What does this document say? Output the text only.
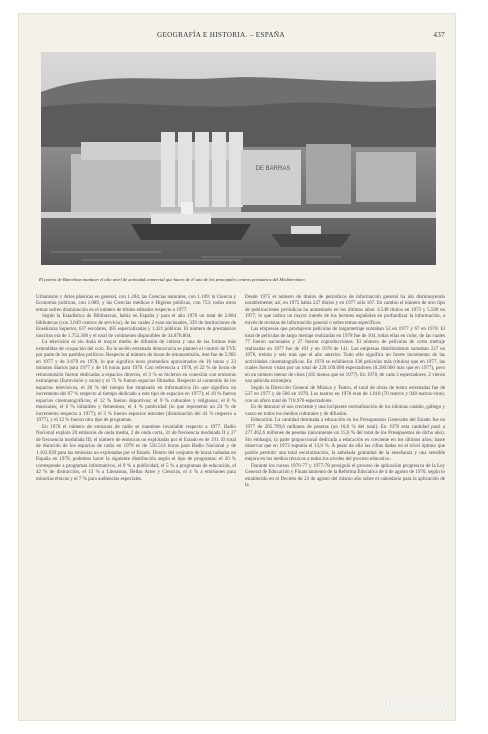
GEOGRAFÍA E HISTORIA. – ESPAÑA	437
DE BARRAS
El puerto de Barcelona mantuvo el alto nivel de actividad comercial que hacen de él uno de los principales centros portuarios del Mediterráneo

Urbanismo y Artes plásticas en general, con 1.284; las Ciencias naturales, con 1.109; la Ciencia y Economía políticas, con 1.089, y las Ciencias médicas e Higiene públicas, con 753; todos estos temas sufren disminución en el número de títulos editados respecto a 1977.

Según la Estadística de Bibliotecas, había en España y para el año 1978 un total de 2.884 bibliotecas (con 3.849 centros de servicio), de las cuales 2 eran nacionales, 339 de instituciones de Enseñanza Superior, 637 escolares, 485 especializadas y 1.421 públicas. El número de prestatarios inscritos era de 1.752.308 y el total de volúmenes disponibles de 34.878.804.

La televisión es sin duda el mayor medio de difusión de cultura y una de las formas más extendidas de ocupación del ocio. En la recién estrenada democracia se planteó el control de TVE por parte de los partidos políticos. Respecto al número de horas de retransmisión, éste fue de 5.985 en 1977 y de 3.679 en 1978, lo que significa unos promedios aproximados de 16 horas y 23 minutos diarios para 1977 y de 16 horas para 1978. Con referencia a 1978, el 22 % de horas de retransmisión fueron dedicadas a espacios directos, el 3 % se hicieron en conexión con emisoras extranjeras (Eurovisión y otras) y el 75 % fueron espacios filmados. Respecto al contenido de los espacios televisivos, el 28 % del tiempo fue empleado en informativos (lo que significa un incremento del 67 % respecto al tiempo dedicado a este tipo de espacios en 1977); el 18 % fueron espacios cinematográficos; el 12 % fueron deportivos; el 9 % culturales y religiosos; el 8 % musicales; el 6 % infantiles y femeninos; el 4 % publicidad (lo que representó un 24 % de incremento respecto a 1977); el 3 % fueron espacios teatrales (disminución del 43 % respecto a 1977), y el 12 % fueron otro tipo de programas.

En 1978 el número de emisoras de radio se mantiene invariable respecto a 1977. Radio Nacional explota 20 emisoras de onda media, 2 de onda corta, 31 de frecuencia modulada II y 27 de frecuencia modulada III; el número de emisoras no explotadas por el Estado es de 191. El total de duración de los espacios de radio en 1978 es de 556.514 horas para Radio Nacional y de 1.162.939 para las emisoras no explotadas por el Estado. Dentro del conjunto de horas radiadas en España en 1978, podemos hacer la siguiente distribución según el tipo de programas: el 20 % corresponde a programas informativos, el 9 % a publicidad, el 5 % a programas de educación, el 42 % de distracción, el 13 % a Literatura, Bellas Artes y Ciencias, el 4 % a emisiones para minorías étnicas y el 7 % para audiencias especiales.

Desde 1975 el número de títulos de periódicos de información general ha ido disminuyendo notablemente; así, en 1975 había 247 títulos y en 1977 sólo 167. En cambio el número de otro tipo de publicaciones periódicas ha aumentado en los últimos años: 4.548 títulos en 1973 y 5.508 en 1977, lo que indica un mayor interés de los lectores españoles en profundizar la información, a través de revistas de información general o sobre temas específicos.

Las empresas que produjeron películas de largometraje sumaban 52 en 1977 y 67 en 1978. El total de películas de largo metraje realizadas en 1978 fue de 104, todas ellas en color, de las cuales 77 fueron nacionales y 27 fueron coproducciones. El número de películas de corto metraje realizadas en 1977 fue de 101 y en 1978 de 141. Las empresas distribuidoras sumaban 227 en 1978, treinta y seis más que el año anterior. Todo ello significa un fuerte incremento de las actividades cinematográficas. En 1978 se exhibieron 238 películas más (títulos) que en 1977, las cuales fueron vistas por un total de 220.100.000 espectadores (8.200.000 más que en 1977), pero en un número menor de cines (185 menos que en 1977). En 1978, de cada 3 espectadores, 2 vieron una película extranjera.

Según la Dirección General de Música y Teatro, el total de obras de teatro estrenadas fue de 537 en 1977 y de 566 en 1978. Los teatros en 1978 eran de 1.018 (70 teatros y 948 teatros-cine), con un aforo total de 718.976 espectadores.

Es de destacar el uso creciente y una incipiente normalización de los idiomas catalán, gallego y vasco en todos los medios culturales y de difusión.

Educación. La cantidad destinada a educación en los Presupuestos Generales del Estado fue en 1977 de 205.799,6 millones de pesetas (un 16,8 % del total). En 1978 esta cantidad pasó a 277.462,6 millones de pesetas (únicamente un 15,6 % del total de los Presupuestos de dicho año). Sin embargo, la parte proporcional dedicada a educación es creciente en los últimos años; baste observar que en 1973 suponía el 13,8 %. A pesar de ello las cifras dadas en el nivel óptimo que podría permitir una total escolarización, la anhelada gratuidad de la enseñanza y una sensible mejora en los medios técnicos a todos los niveles del proceso educativo.

Durante los cursos 1976-77 y 1977-78 prosiguió el proceso de aplicación progresiva de la Ley General de Educación y Financiamiento de la Reforma Educativa de 4 de agosto de 1970, según lo establecido en el Decreto de 22 de agosto del mismo año sobre el calendario para la aplicación de la

todocoleccion
